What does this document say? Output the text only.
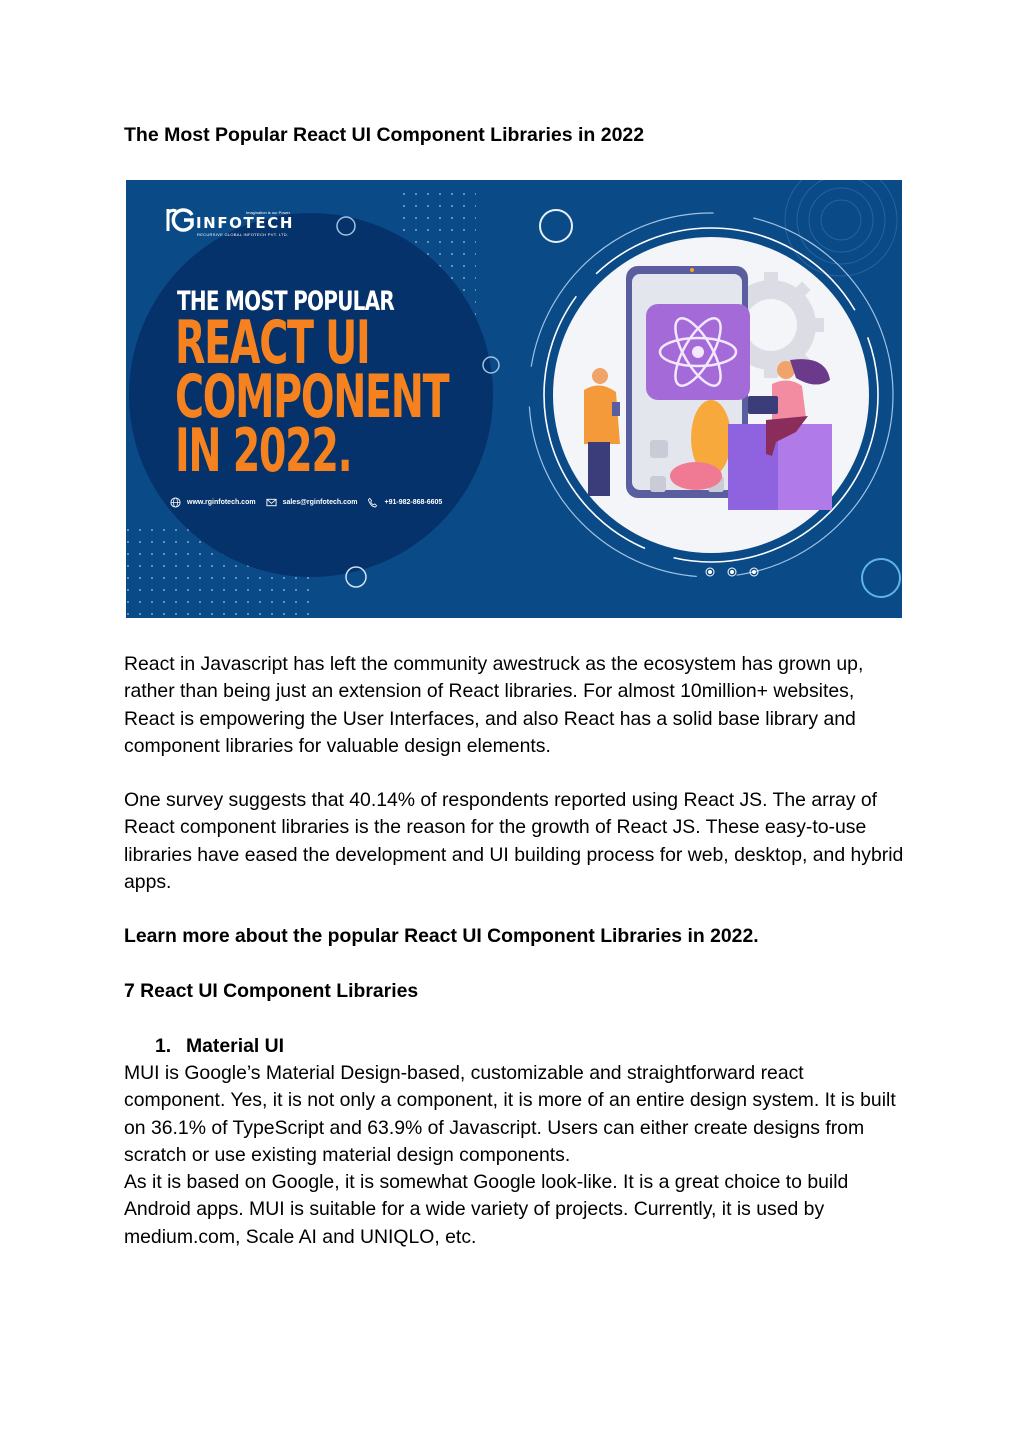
The Most Popular React UI Component Libraries in 2022
Imagination is our Power
INFOTECH
RECURSIVE GLOBAL INFOTECH PVT. LTD.
THE MOST POPULAR
REACT UI
COMPONENT
IN 2022.
www.rginfotech.com	sales@rginfotech.com	+91-982-868-6605

React in Javascript has left the community awestruck as the ecosystem has grown up, rather than being just an extension of React libraries. For almost 10million+ websites, React is empowering the User Interfaces, and also React has a solid base library and component libraries for valuable design elements.

One survey suggests that 40.14% of respondents reported using React JS. The array of React component libraries is the reason for the growth of React JS. These easy-to-use libraries have eased the development and UI building process for web, desktop, and hybrid apps.

Learn more about the popular React UI Component Libraries in 2022.
7 React UI Component Libraries
1. Material UI
MUI is Google’s Material Design-based, customizable and straightforward react component. Yes, it is not only a component, it is more of an entire design system. It is built on 36.1% of TypeScript and 63.9% of Javascript. Users can either create designs from scratch or use existing material design components.
As it is based on Google, it is somewhat Google look-like. It is a great choice to build Android apps. MUI is suitable for a wide variety of projects. Currently, it is used by medium.com, Scale AI and UNIQLO, etc.
